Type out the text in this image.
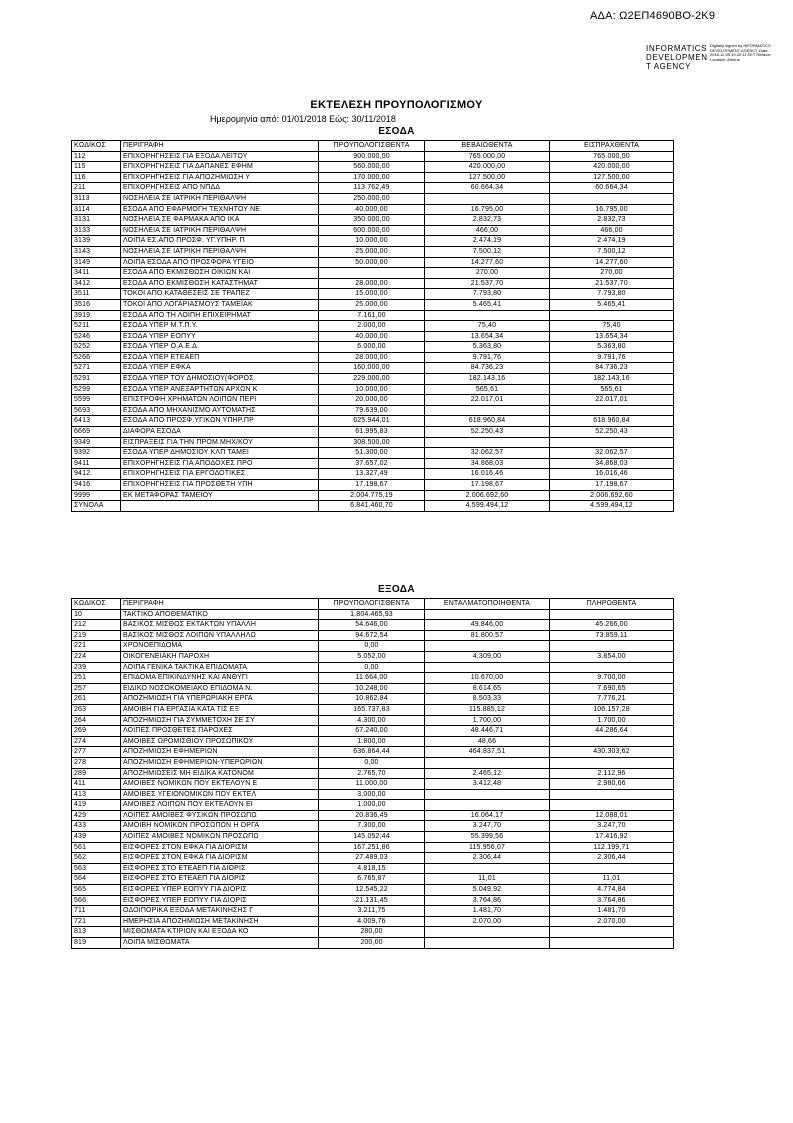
ΑΔΑ: Ω2ΕΠ4690ΒΟ-2Κ9
INFORMATICS DEVELOPMEN T AGENCY
Digitally signed by INFORMATICS DEVELOPMENT AGENCY Date: 2018.12.05 10:20:11 EET Reason: Location: Athens
ΕΚΤΕΛΕΣΗ ΠΡΟΥΠΟΛΟΓΙΣΜΟΥ
Ημερομηνία από: 01/01/2018 Εώς: 30/11/2018
ΕΣΟΔΑ
ΚΩΔΙΚΟΣ	ΠΕΡΙΓΡΑΦΗ	ΠΡΟΥΠΟΛΟΓΙΣΘΕΝΤΑ	ΒΕΒΑΙΩΘΕΝΤΑ	ΕΙΣΠΡΑΧΘΕΝΤΑ
112	ΕΠΙΧΟΡΗΓΗΣΕΙΣ ΓΙΑ ΕΞΟΔΑ ΛΕΙΤΟΥ	900.000,00	765.000,00	765.000,00
115	ΕΠΙΧΟΡΗΓΗΣΕΙΣ ΓΙΑ ΔΑΠΑΝΕΣ ΕΦΗΜ	560.000,00	420.000,00	420.000,00
116	ΕΠΙΧΟΡΗΓΗΣΕΙΣ ΓΙΑ ΑΠΟΖΗΜΙΩΣΗ Υ	170.000,00	127.500,00	127.500,00
211	ΕΠΙΧΟΡΗΓΗΣΕΙΣ ΑΠΟ ΝΠΔΔ	113.762,49	60.664,34	60.664,34
3113	ΝΟΣΗΛΕΙΑ ΣΕ ΙΑΤΡΙΚΗ ΠΕΡΙΘΑΛΨΗ	250.000,00		
3114	ΕΣΟΔΑ ΑΠΟ ΕΦΑΡΜΟΓΗ ΤΕΧΝΗΤΟΥ ΝΕ	40.000,00	16.795,00	16.795,00
3131	ΝΟΣΗΛΕΙΑ ΣΕ ΦΑΡΜΑΚΑ ΑΠΟ ΙΚΑ	350.000,00	2.832,73	2.832,73
3133	ΝΟΣΗΛΕΙΑ ΣΕ ΙΑΤΡΙΚΗ ΠΕΡΙΘΑΛΨΗ	600.000,00	466,00	466,00
3139	ΛΟΙΠΑ ΕΣ.ΑΠΟ ΠΡΟΣΦ. ΥΓ.ΥΠΗΡ. Π	10.000,00	2.474,19	2.474,19
3143	ΝΟΣΗΛΕΙΑ ΣΕ ΙΑΤΡΙΚΗ ΠΕΡΙΘΑΛΨΗ	25.000,00	7.500,12	7.500,12
3149	ΛΟΙΠΑ ΕΣΟΔΑ ΑΠΟ ΠΡΟΣΦΟΡΑ ΥΓΕΙΟ	50.000,00	14.277,60	14.277,60
3411	ΕΣΟΔΑ ΑΠΟ ΕΚΜΙΣΘΩΣΗ ΟΙΚΙΩΝ ΚΑΙ		270,00	270,00
3412	ΕΣΟΔΑ ΑΠΟ ΕΚΜΙΣΘΩΣΗ ΚΑΤΑΣΤΗΜΑΤ	28.000,00	21.537,70	21.537,70
3511	ΤΟΚΟΙ ΑΠΟ ΚΑΤΑΘΕΣΕΙΣ ΣΕ ΤΡΑΠΕΖ	15.000,00	7.793,80	7.793,80
3516	ΤΟΚΟΙ ΑΠΟ ΛΟΓΑΡΙΑΣΜΟΥΣ ΤΑΜΕΙΑΚ	25.000,00	5.465,41	5.465,41
3919	ΕΣΟΔΑ ΑΠΟ ΤΗ ΛΟΙΠΗ ΕΠΙΧΕΙΡΗΜΑΤ	7.161,00		
5211	ΕΣΟΔΑ ΥΠΕΡ Μ.Τ.Π.Υ.	2.000,00	75,40	75,40
5246	ΕΣΟΔΑ ΥΠΕΡ ΕΟΠΥΥ	40.000,00	13.654,34	13.654,34
5252	ΕΣΟΔΑ ΥΠΕΡ Ο.Α.Ε.Δ.	6.000,00	5.363,80	5.363,80
5266	ΕΣΟΔΑ ΥΠΕΡ ΕΤΕΑΕΠ	28.000,00	9.791,76	9.791,76
5271	ΕΣΟΔΑ ΥΠΕΡ ΕΦΚΑ	160.000,00	84.736,23	84.736,23
5291	ΕΣΟΔΑ ΥΠΕΡ ΤΟΥ ΔΗΜΟΣΙΟΥ(ΦΟΡΟΣ	229.000,00	182.143,16	182.143,16
5299	ΕΣΟΔΑ ΥΠΕΡ ΑΝΕΞΑΡΤΗΤΩΝ ΑΡΧΩΝ Κ	10.000,00	565,61	565,61
5599	ΕΠΙΣΤΡΟΦΗ ΧΡΗΜΑΤΩΝ ΛΟΙΠΩΝ ΠΕΡΙ	20.000,00	22.017,01	22.017,01
5693	ΕΣΟΔΑ ΑΠΟ ΜΗΧΑΝΙΣΜΟ ΑΥΤΟΜΑΤΗΣ	79.639,00		
6413	ΕΣΟΔΑ ΑΠΟ ΠΡΟΣΦ.ΥΓΙΚΩΝ ΥΠΗΡ.ΠΡ	625.944,01	618.960,84	618.960,84
6669	ΔΙΑΦΟΡΑ ΕΣΟΔΑ	61.995,83	52.250,43	52.250,43
9349	ΕΙΣΠΡΑΞΕΙΣ ΓΙΑ ΤΗΝ ΠΡΟΜ.ΜΗΧ/ΚΟΥ	308.500,00		
9392	ΕΣΟΔΑ ΥΠΕΡ ΔΗΜΟΣΙΟΥ ΚΛΠ ΤΑΜΕΙ	51.300,00	32.062,57	32.062,57
9411	ΕΠΙΧΟΡΗΓΗΣΕΙΣ ΓΙΑ ΑΠΟΔΟΧΕΣ ΠΡΟ	37.657,02	34.868,03	34.868,03
9412	ΕΠΙΧΟΡΗΓΗΣΕΙΣ ΓΙΑ ΕΡΓΟΔΟΤΙΚΕΣ	13.327,49	16.016,46	16.016,46
9416	ΕΠΙΧΟΡΗΓΗΣΕΙΣ ΓΙΑ ΠΡΟΣΘΕΤΗ ΥΠΗ	17.198,67	17.198,67	17.198,67
9999	ΕΚ ΜΕΤΑΦΟΡΑΣ ΤΑΜΕΙΟΥ	2.004.775,19	2.006.692,60	2.006.692,60
ΣΥΝΟΛΑ		6.841.460,70	4.599.494,12	4.599.494,12
ΕΞΟΔΑ
ΚΩΔΙΚΟΣ	ΠΕΡΙΓΡΑΦΗ	ΠΡΟΥΠΟΛΟΓΙΣΘΕΝΤΑ	ΕΝΤΑΛΜΑΤΟΠΟΙΗΘΕΝΤΑ	ΠΛΗΡΩΘΕΝΤΑ
10	ΤΑΚΤΙΚΟ ΑΠΟΘΕΜΑΤΙΚΟ	1.804.465,93		
212	ΒΑΣΙΚΟΣ ΜΙΣΘΟΣ ΕΚΤΑΚΤΩΝ ΥΠΑΛΛΗ	54.646,00	49.846,00	45.266,00
219	ΒΑΣΙΚΟΣ ΜΙΣΘΟΣ ΛΟΙΠΩΝ ΥΠΑΛΛΗΛΩ	94.672,54	81.800,57	73.859,11
221	ΧΡΟΝΟΕΠΙΔΟΜΑ	0,00		
224	ΟΙΚΟΓΕΝΕΙΑΚΗ ΠΑΡΟΧΗ	5.052,00	4.309,00	3.854,00
239	ΛΟΙΠΑ ΓΕΝΙΚΑ ΤΑΚΤΙΚΑ ΕΠΙΔΟΜΑΤΑ	0,00		
251	ΕΠΙΔΟΜΑ ΕΠΙΚΙΝΔΥΝΗΣ ΚΑΙ ΑΝΘΥΓΙ	11.664,00	10.670,00	9.700,00
257	ΕΙΔΙΚΟ ΝΟΣΟΚΟΜΕΙΑΚΟ ΕΠΙΔΟΜΑ Ν.	10.248,00	8.614,65	7.690,65
261	ΑΠΟΖΗΜΙΩΣΗ ΓΙΑ ΥΠΕΡΩΡΙΑΚΗ ΕΡΓΑ	10.862,84	8.503,33	7.776,21
263	ΑΜΟΙΒΗ ΓΙΑ ΕΡΓΑΣΙΑ ΚΑΤΑ ΤΙΣ ΕΞ	165.737,83	115.885,12	106.157,28
264	ΑΠΟΖΗΜΙΩΣΗ ΓΙΑ ΣΥΜΜΕΤΟΧΗ ΣΕ ΣΥ	4.300,00	1.700,00	1.700,00
269	ΛΟΙΠΕΣ ΠΡΟΣΘΕΤΕΣ ΠΑΡΟΧΕΣ	67.240,00	48.446,71	44.286,64
274	ΑΜΟΙΒΕΣ ΩΡΟΜΙΣΘΙΟΥ ΠΡΟΣΩΠΙΚΟΥ	1.800,00	48,66	
277	ΑΠΟΖΗΜΙΩΣΗ ΕΦΗΜΕΡΙΩΝ	636.864,44	464.837,51	430.303,62
278	ΑΠΟΖΗΜΙΩΣΗ ΕΦΗΜΕΡΙΩΝ-ΥΠΕΡΩΡΙΩΝ	0,00		
289	ΑΠΟΖΗΜΙΩΣΕΙΣ ΜΗ ΕΙΔΙΚΑ ΚΑΤΟΝΟΜ	2.765,70	2.465,12	2.112,96
411	ΑΜΟΙΒΕΣ ΝΟΜΙΚΩΝ ΠΟΥ ΕΚΤΕΛΟΥΝ Ε	11.000,00	3.412,48	2.980,66
413	ΑΜΟΙΒΕΣ ΥΓΕΙΟΝΟΜΙΚΩΝ ΠΟΥ ΕΚΤΕΛ	3.000,00		
419	ΑΜΟΙΒΕΣ ΛΟΙΠΩΝ ΠΟΥ ΕΚΤΕΛΟΥΝ ΕΙ	1.000,00		
429	ΛΟΙΠΕΣ ΑΜΟΙΒΕΣ ΦΥΣΙΚΩΝ ΠΡΟΣΩΠΩ	20.836,49	16.064,17	12.088,01
433	ΑΜΟΙΒΗ ΝΟΜΙΚΩΝ ΠΡΟΣΩΠΩΝ Η ΟΡΓΑ	7.300,00	3.247,70	3.247,70
439	ΛΟΙΠΕΣ ΑΜΟΙΒΕΣ ΝΟΜΙΚΩΝ ΠΡΟΣΩΠΩ	145.052,44	55.399,56	17.416,92
561	ΕΙΣΦΟΡΕΣ ΣΤΟΝ ΕΦΚΑ ΓΙΑ ΔΙΟΡΙΣΜ	167.251,86	115.956,07	112.199,71
562	ΕΙΣΦΟΡΕΣ ΣΤΟΝ ΕΦΚΑ ΓΙΑ ΔΙΟΡΙΣΜ	27.489,03	2.306,44	2.306,44
563	ΕΙΣΦΟΡΕΣ ΣΤΟ ΕΤΕΑΕΠ ΓΙΑ ΔΙΟΡΙΣ	4.818,15		
564	ΕΙΣΦΟΡΕΣ ΣΤΟ ΕΤΕΑΕΠ ΓΙΑ ΔΙΟΡΙΣ	6.765,87	11,01	11,01
565	ΕΙΣΦΟΡΕΣ ΥΠΕΡ ΕΟΠΥΥ ΓΙΑ ΔΙΟΡΙΣ	12.545,22	5.049,92	4.774,84
566	ΕΙΣΦΟΡΕΣ ΥΠΕΡ ΕΟΠΥΥ ΓΙΑ ΔΙΟΡΙΣ	21.131,45	3.764,86	3.764,86
711	ΟΔΟΙΠΟΡΙΚΑ ΕΞΟΔΑ ΜΕΤΑΚΙΝΗΣΗΣ Γ	3.211,75	1.481,70	1.481,70
721	ΗΜΕΡΗΣΙΑ ΑΠΟΖΗΜΙΩΣΗ ΜΕΤΑΚΙΝΗΣΗ	4.009,76	2.070,00	2.070,00
813	ΜΙΣΘΩΜΑΤΑ ΚΤΙΡΙΩΝ ΚΑΙ ΕΞΟΔΑ ΚΟ	280,00		
819	ΛΟΙΠΑ ΜΙΣΘΩΜΑΤΑ	200,00		
